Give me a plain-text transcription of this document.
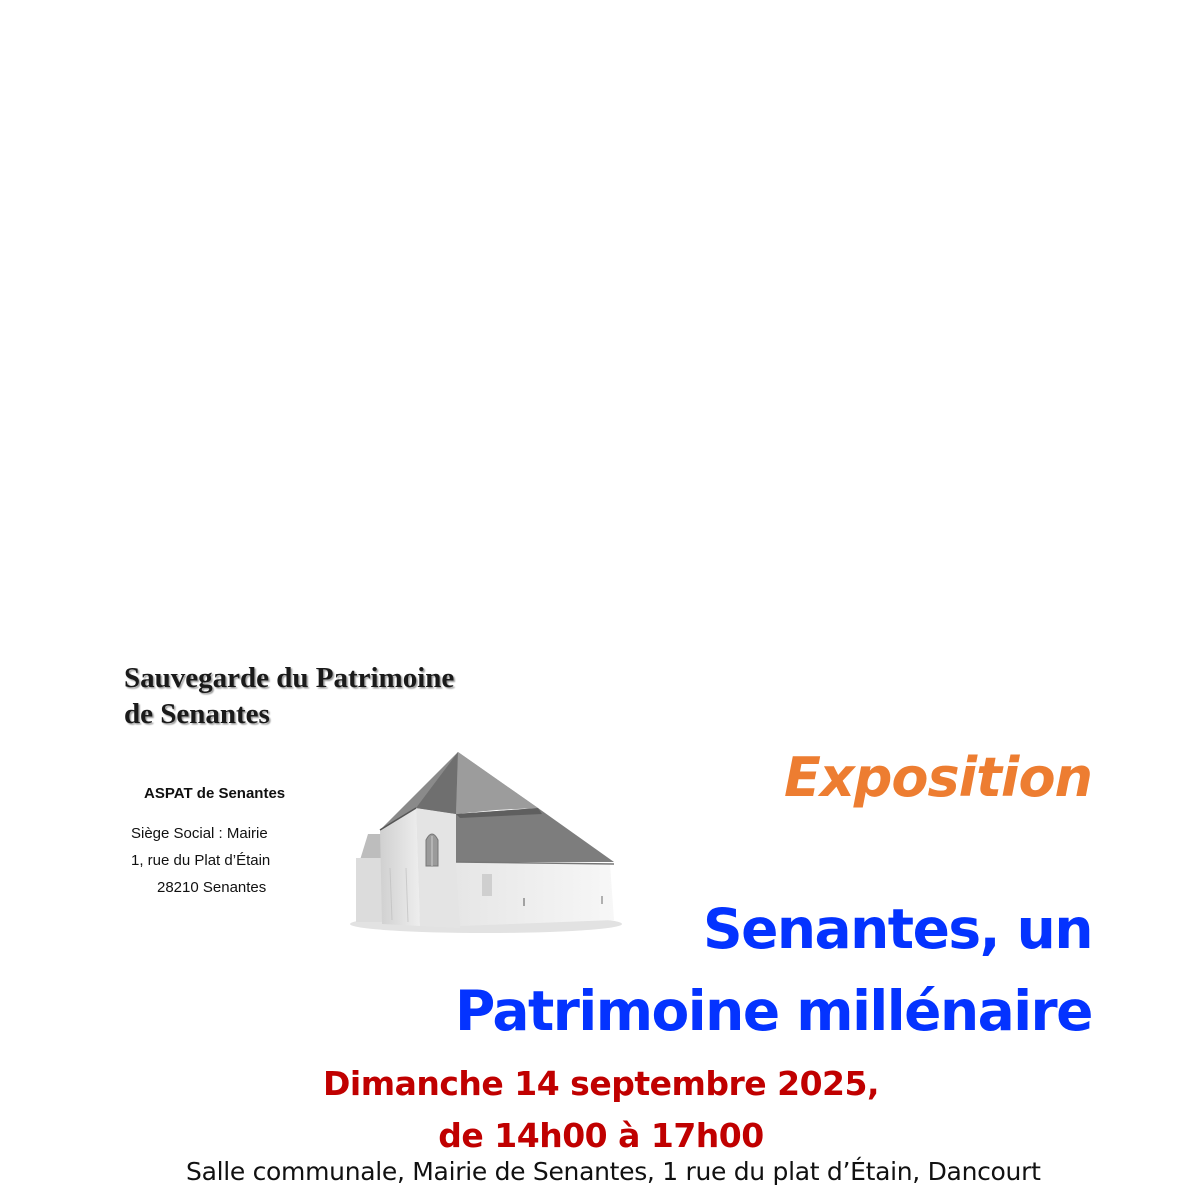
Sauvegarde du Patrimoine
de Senantes

ASPAT de Senantes

Siège Social : Mairie
1, rue du Plat d’Étain
28210 Senantes

Exposition

Senantes, un
Patrimoine millénaire
Dimanche 14 septembre 2025,
de 14h00 à 17h00
Salle communale, Mairie de Senantes, 1 rue du plat d’Étain, Dancourt
